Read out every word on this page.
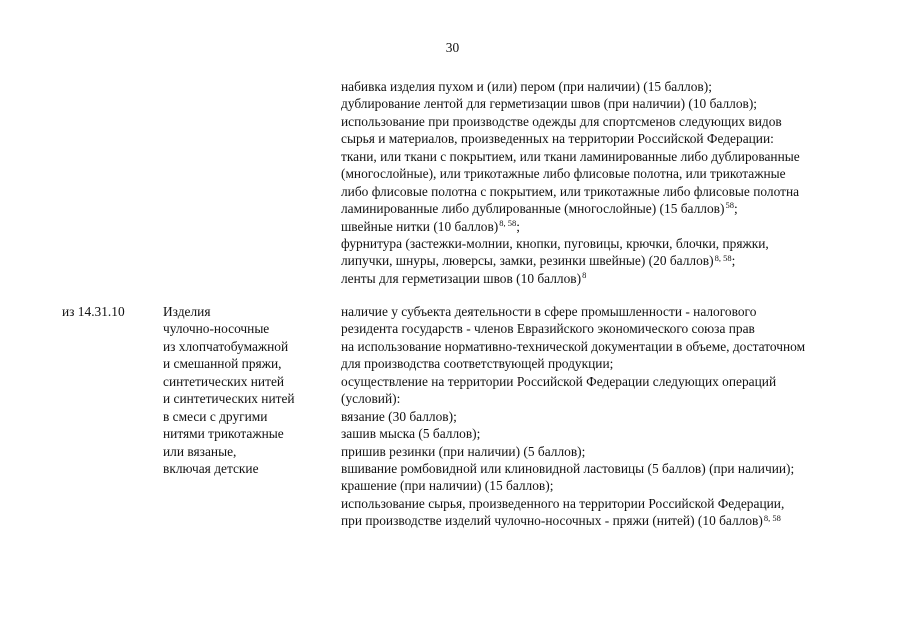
30
набивка изделия пухом и (или) пером (при наличии) (15 баллов);
дублирование лентой для герметизации швов (при наличии) (10 баллов);
использование при производстве одежды для спортсменов следующих видов
сырья и материалов, произведенных на территории Российской Федерации:
ткани, или ткани с покрытием, или ткани ламинированные либо дублированные
(многослойные), или трикотажные либо флисовые полотна, или трикотажные
либо флисовые полотна с покрытием, или трикотажные либо флисовые полотна
ламинированные либо дублированные (многослойные) (15 баллов)$^{58}$;
швейные нитки (10 баллов)$^{8, 58}$;
фурнитура (застежки-молнии, кнопки, пуговицы, крючки, блочки, пряжки,
липучки, шнуры, люверсы, замки, резинки швейные) (20 баллов)$^{8, 58}$;
ленты для герметизации швов (10 баллов)$^8$
из 14.31.10	Изделия
чулочно-носочные
из хлопчатобумажной
и смешанной пряжи,
синтетических нитей
и синтетических нитей
в смеси с другими
нитями трикотажные
или вязаные,
включая детские
наличие у субъекта деятельности в сфере промышленности - налогового
резидента государств - членов Евразийского экономического союза прав
на использование нормативно-технической документации в объеме, достаточном
для производства соответствующей продукции;
осуществление на территории Российской Федерации следующих операций
(условий):
вязание (30 баллов);
зашив мыска (5 баллов);
пришив резинки (при наличии) (5 баллов);
вшивание ромбовидной или клиновидной ластовицы (5 баллов) (при наличии);
крашение (при наличии) (15 баллов);
использование сырья, произведенного на территории Российской Федерации,
при производстве изделий чулочно-носочных - пряжи (нитей) (10 баллов)$^{8, 58}$
